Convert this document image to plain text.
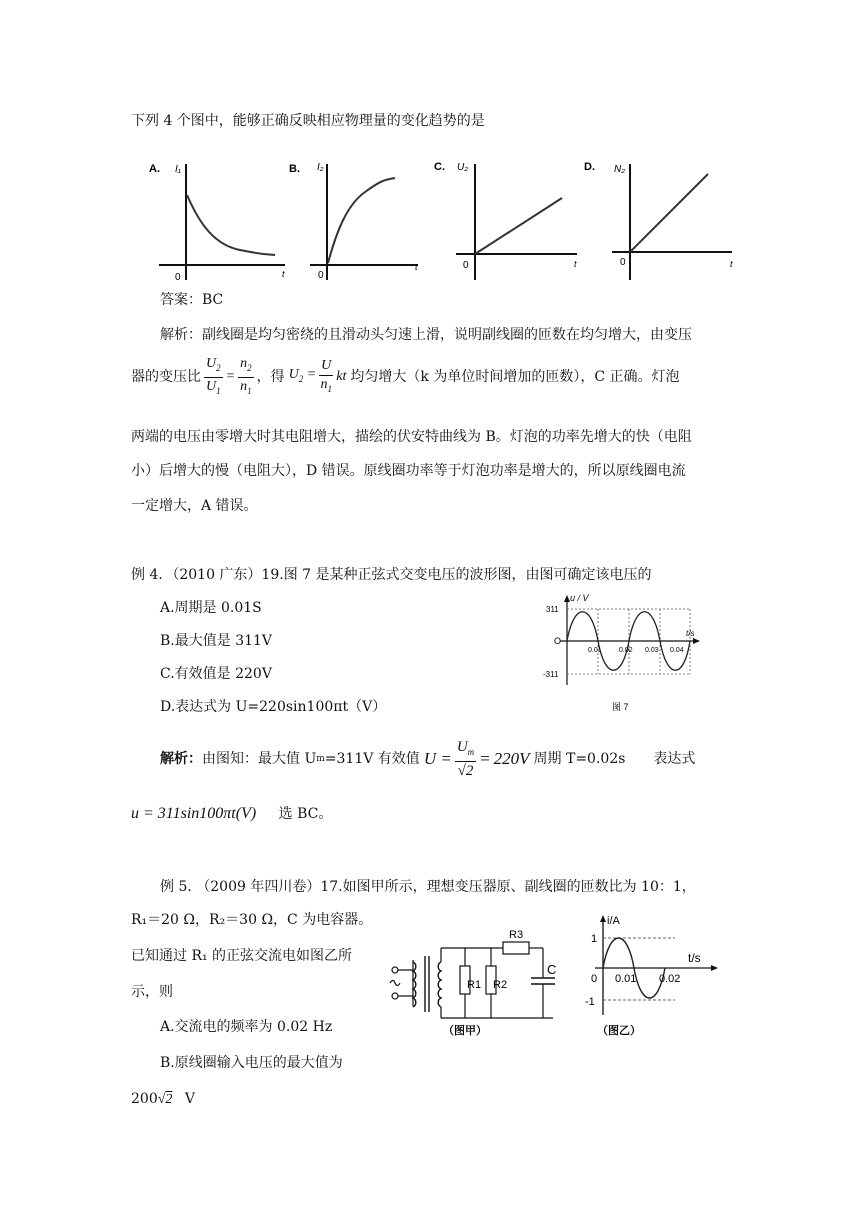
下列 4 个图中，能够正确反映相应物理量的变化趋势的是
A. I₁
0	t
B. I₂
0
t
C. U₂
0	t
D. N₂
0	t
答案：BC
解析：副线圈是均匀密绕的且滑动头匀速上滑，说明副线圈的匝数在均匀增大，由变压
器的变压比 $\frac{U_2}{U_1} = \frac{n_2}{n_1}$ ，得 $U_2 = \frac{U}{n_1}$ kt 均匀增大（k 为单位时间增加的匝数），C 正确。灯泡
两端的电压由零增大时其电阻增大，描绘的伏安特曲线为 B。灯泡的功率先增大的快（电阻
小）后增大的慢（电阻大），D 错误。原线圈功率等于灯泡功率是增大的，所以原线圈电流
一定增大，A 错误。
例 4．（2010 广东）19.图 7 是某种正弦式交变电压的波形图，由图可确定该电压的
A.周期是 0.01S
B.最大值是 311V
C.有效值是 220V
D.表达式为 U=220sin100πt（V）
u / V
t/s
311
-311
O
0.01 0.02 0.03 0.04
图 7
解析： 由图知：最大值 U m =311V 有效值 $U = \frac{U_m}{√2} = 220V$ 周期 T=0.02s 表达式
u = 311sin100πt(V) 选 BC。
例 5. （2009 年四川卷）17.如图甲所示，理想变压器原、副线圈的匝数比为 10：1，
R₁＝20 Ω，R₂＝30 Ω，C 为电容器。
已知通过 R₁ 的正弦交流电如图乙所
示，则
A.交流电的频率为 0.02 Hz
B.原线圈输入电压的最大值为
200√2 V
R1 R2
R3
C
（图甲）
i/A
t/s
1
-1
0 0.01 0.02
（图乙）
